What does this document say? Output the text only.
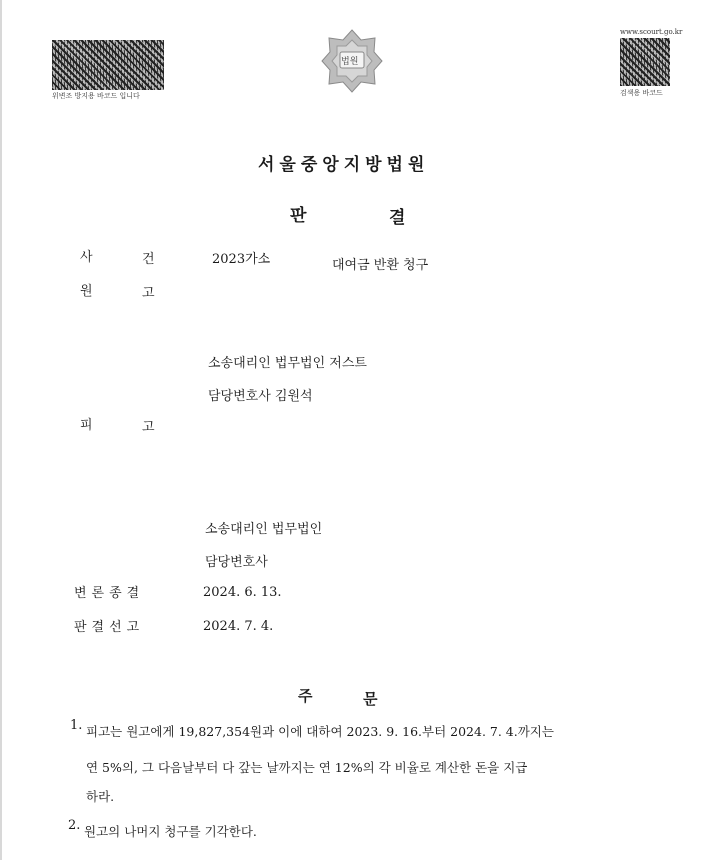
위변조 방지용 바코드 입니다
법원
www.scourt.go.kr
검색용 바코드
서울중앙지방법원
판	결
사	건	2023가소	대여금 반환 청구
원	고
소송대리인 법무법인 저스트
담당변호사 김원석
피	고
소송대리인 법무법인
담당변호사
변론종결	2024. 6. 13.
판결선고	2024. 7. 4.
주	문
1. 피고는 원고에게 19,827,354원과 이에 대하여 2023. 9. 16.부터 2024. 7. 4.까지는
연 5%의, 그 다음날부터 다 갚는 날까지는 연 12%의 각 비율로 계산한 돈을 지급
하라.
2. 원고의 나머지 청구를 기각한다.
